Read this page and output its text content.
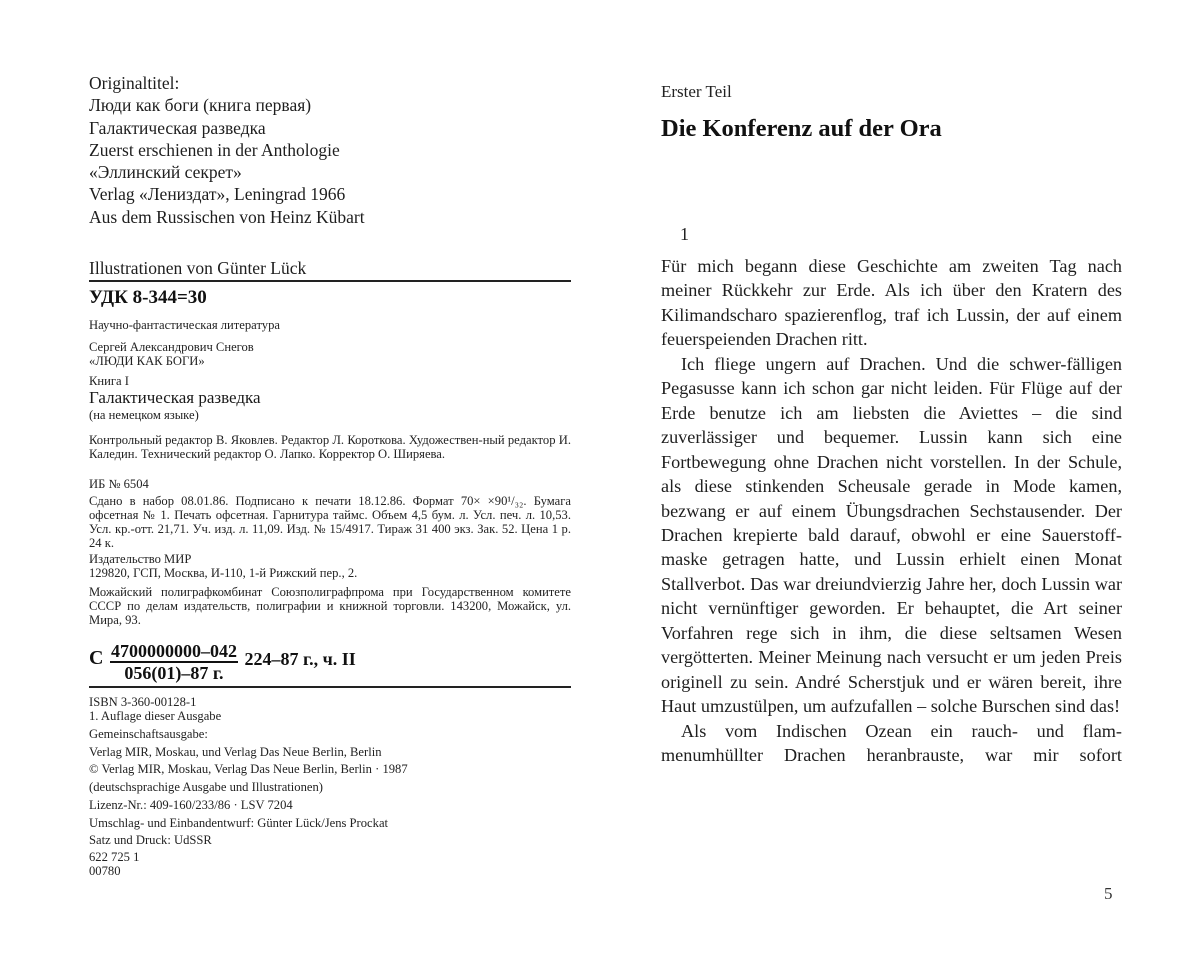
Originaltitel:
Люди как боги (книга первая)
Галактическая разведка
Zuerst erschienen in der Anthologie
«Эллинский секрет»
Verlag «Лениздат», Leningrad 1966
Aus dem Russischen von Heinz Kübart
Illustrationen von Günter Lück
УДК 8-344=30
Научно-фантастическая литература
Сергей Александрович Снегов
«ЛЮДИ КАК БОГИ»
Книга I
Галактическая разведка
(на немецком языке)
Контрольный редактор В. Яковлев. Редактор Л. Короткова. Художествен-ный редактор И. Каледин. Технический редактор О. Лапко. Корректор О. Ширяева.
ИБ № 6504
Сдано в набор 08.01.86. Подписано к печати 18.12.86. Формат 70× ×90¹/₃₂. Бумага офсетная № 1. Печать офсетная. Гарнитура таймс. Объем 4,5 бум. л. Усл. печ. л. 10,53. Усл. кр.-отт. 21,71. Уч. изд. л. 11,09. Изд. № 15/4917. Тираж 31 400 экз. Зак. 52. Цена 1 р. 24 к.
Издательство МИР
129820, ГСП, Москва, И-110, 1-й Рижский пер., 2.
Можайский полиграфкомбинат Союзполиграфпрома при Государственном комитете СССР по делам издательств, полиграфии и книжной торговли. 143200, Можайск, ул. Мира, 93.
С $\frac{4700000000-042}{056(01)-87 г.} 224-87$ г., ч. II
ISBN 3-360-00128-1
1. Auflage dieser Ausgabe
Gemeinschaftsausgabe:
Verlag MIR, Moskau, und Verlag Das Neue Berlin, Berlin
© Verlag MIR, Moskau, Verlag Das Neue Berlin, Berlin · 1987
(deutschsprachige Ausgabe und Illustrationen)
Lizenz-Nr.: 409-160/233/86 · LSV 7204
Umschlag- und Einbandentwurf: Günter Lück/Jens Prockat
Satz und Druck: UdSSR
622 725 1
00780
Erster Teil
Die Konferenz auf der Ora
1

Für mich begann diese Geschichte am zweiten Tag nach meiner Rückkehr zur Erde. Als ich über den Kratern des Kilimandscharo spazierenflog, traf ich Lussin, der auf einem feuerspeienden Drachen ritt.

Ich fliege ungern auf Drachen. Und die schwer-fälligen Pegasusse kann ich schon gar nicht leiden. Für Flüge auf der Erde benutze ich am liebsten die Aviettes – die sind zuverlässiger und bequemer. Lussin kann sich eine Fortbewegung ohne Drachen nicht vorstellen. In der Schule, als diese stinkenden Scheusale gerade in Mode kamen, bezwang er auf einem Übungsdrachen Sechstausender. Der Drachen krepierte bald darauf, obwohl er eine Sauerstoff-maske getragen hatte, und Lussin erhielt einen Monat Stallverbot. Das war dreiundvierzig Jahre her, doch Lussin war nicht vernünftiger geworden. Er behauptet, die Art seiner Vorfahren rege sich in ihm, die diese seltsamen Wesen vergötterten. Meiner Meinung nach versucht er um jeden Preis originell zu sein. André Scherstjuk und er wären bereit, ihre Haut umzustülpen, um aufzufallen – solche Burschen sind das!

Als vom Indischen Ozean ein rauch- und flam-menumhüllter Drachen heranbrauste, war mir sofort

5
